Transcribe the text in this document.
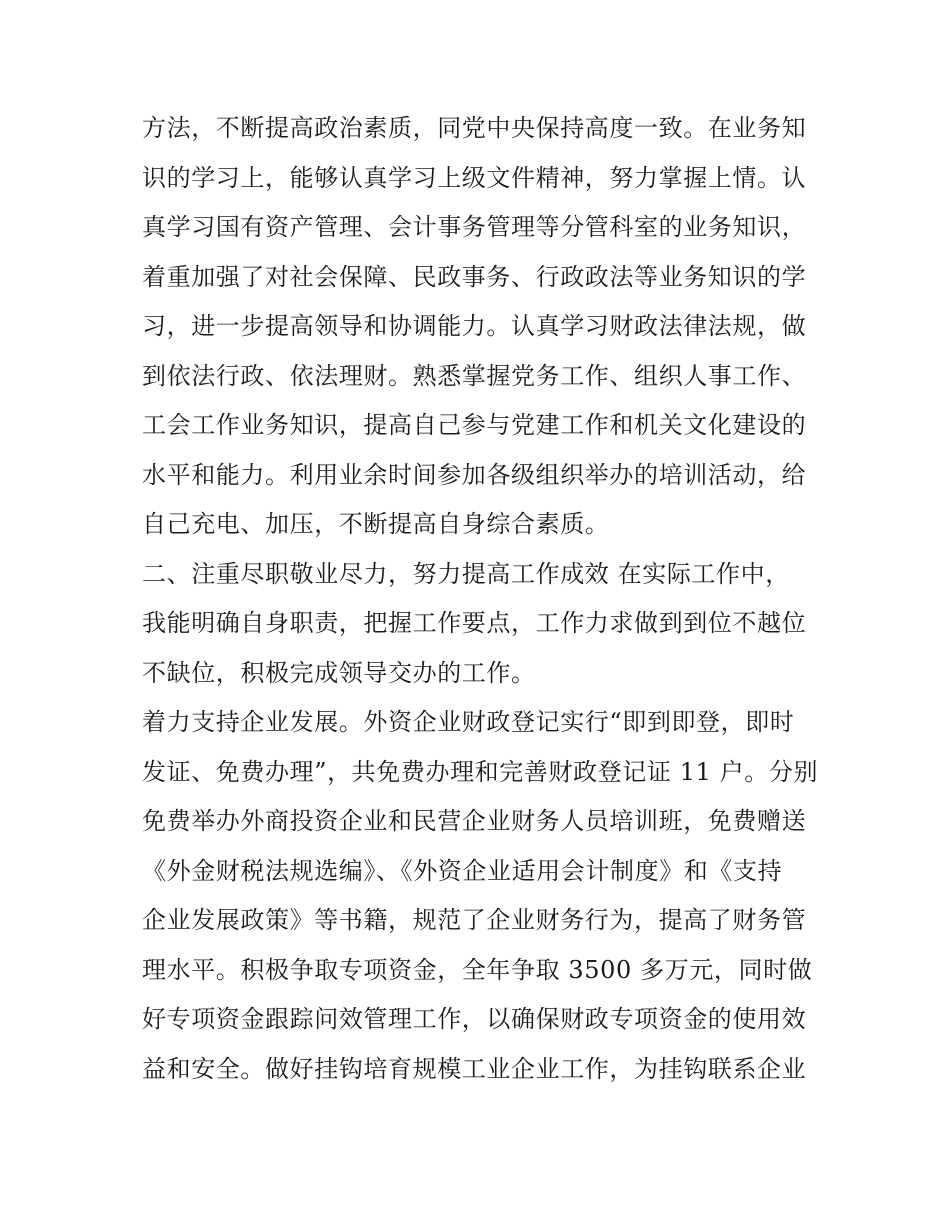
方法，不断提高政治素质，同党中央保持高度一致。在业务知
识的学习上，能够认真学习上级文件精神，努力掌握上情。认
真学习国有资产管理、会计事务管理等分管科室的业务知识，
着重加强了对社会保障、民政事务、行政政法等业务知识的学
习，进一步提高领导和协调能力。认真学习财政法律法规，做
到依法行政、依法理财。熟悉掌握党务工作、组织人事工作、
工会工作业务知识，提高自己参与党建工作和机关文化建设的
水平和能力。利用业余时间参加各级组织举办的培训活动，给
自己充电、加压，不断提高自身综合素质。
二、注重尽职敬业尽力，努力提高工作成效 在实际工作中，
我能明确自身职责，把握工作要点，工作力求做到到位不越位
不缺位，积极完成领导交办的工作。
着力支持企业发展。外资企业财政登记实行“即到即登，即时
发证、免费办理”，共免费办理和完善财政登记证 11 户。分别
免费举办外商投资企业和民营企业财务人员培训班，免费赠送
《外金财税法规选编》、《外资企业适用会计制度》和《支持
企业发展政策》等书籍，规范了企业财务行为，提高了财务管
理水平。积极争取专项资金，全年争取 3500 多万元，同时做
好专项资金跟踪问效管理工作，以确保财政专项资金的使用效
益和安全。做好挂钩培育规模工业企业工作，为挂钩联系企业
